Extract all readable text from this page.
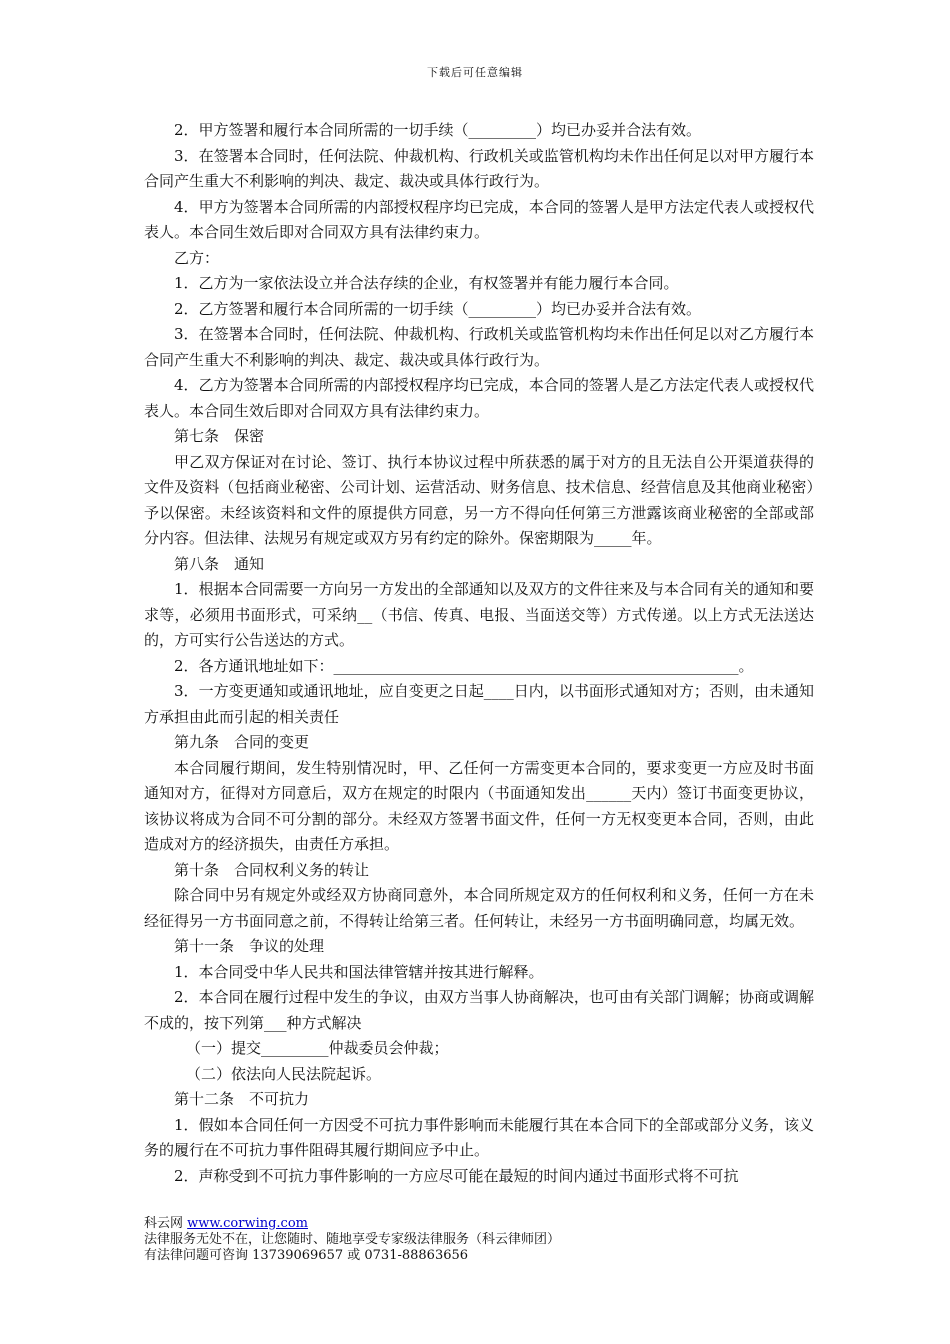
下载后可任意编辑

2．甲方签署和履行本合同所需的一切手续（_________）均已办妥并合法有效。

3．在签署本合同时，任何法院、仲裁机构、行政机关或监管机构均未作出任何足以对甲方履行本合同产生重大不利影响的判决、裁定、裁决或具体行政行为。

4．甲方为签署本合同所需的内部授权程序均已完成，本合同的签署人是甲方法定代表人或授权代表人。本合同生效后即对合同双方具有法律约束力。

乙方：

1．乙方为一家依法设立并合法存续的企业，有权签署并有能力履行本合同。

2．乙方签署和履行本合同所需的一切手续（_________）均已办妥并合法有效。

3．在签署本合同时，任何法院、仲裁机构、行政机关或监管机构均未作出任何足以对乙方履行本合同产生重大不利影响的判决、裁定、裁决或具体行政行为。

4．乙方为签署本合同所需的内部授权程序均已完成，本合同的签署人是乙方法定代表人或授权代表人。本合同生效后即对合同双方具有法律约束力。

第七条　保密

甲乙双方保证对在讨论、签订、执行本协议过程中所获悉的属于对方的且无法自公开渠道获得的文件及资料（包括商业秘密、公司计划、运营活动、财务信息、技术信息、经营信息及其他商业秘密）予以保密。未经该资料和文件的原提供方同意，另一方不得向任何第三方泄露该商业秘密的全部或部分内容。但法律、法规另有规定或双方另有约定的除外。保密期限为_____年。

第八条　通知

1．根据本合同需要一方向另一方发出的全部通知以及双方的文件往来及与本合同有关的通知和要求等，必须用书面形式，可采纳__（书信、传真、电报、当面送交等）方式传递。以上方式无法送达的，方可实行公告送达的方式。

2．各方通讯地址如下：______________________________________________________。

3．一方变更通知或通讯地址，应自变更之日起____日内，以书面形式通知对方；否则，由未通知方承担由此而引起的相关责任

第九条　合同的变更

本合同履行期间，发生特别情况时，甲、乙任何一方需变更本合同的，要求变更一方应及时书面通知对方，征得对方同意后，双方在规定的时限内（书面通知发出______天内）签订书面变更协议，该协议将成为合同不可分割的部分。未经双方签署书面文件，任何一方无权变更本合同，否则，由此造成对方的经济损失，由责任方承担。

第十条　合同权利义务的转让

除合同中另有规定外或经双方协商同意外，本合同所规定双方的任何权利和义务，任何一方在未经征得另一方书面同意之前，不得转让给第三者。任何转让，未经另一方书面明确同意，均属无效。

第十一条　争议的处理

1．本合同受中华人民共和国法律管辖并按其进行解释。

2．本合同在履行过程中发生的争议，由双方当事人协商解决，也可由有关部门调解；协商或调解不成的，按下列第___种方式解决

（一）提交_________仲裁委员会仲裁；

（二）依法向人民法院起诉。

第十二条　不可抗力

1．假如本合同任何一方因受不可抗力事件影响而未能履行其在本合同下的全部或部分义务，该义务的履行在不可抗力事件阻碍其履行期间应予中止。

2．声称受到不可抗力事件影响的一方应尽可能在最短的时间内通过书面形式将不可抗

科云网 www.corwing.com
法律服务无处不在，让您随时、随地享受专家级法律服务（科云律师团）
有法律问题可咨询 13739069657 或 0731-88863656
